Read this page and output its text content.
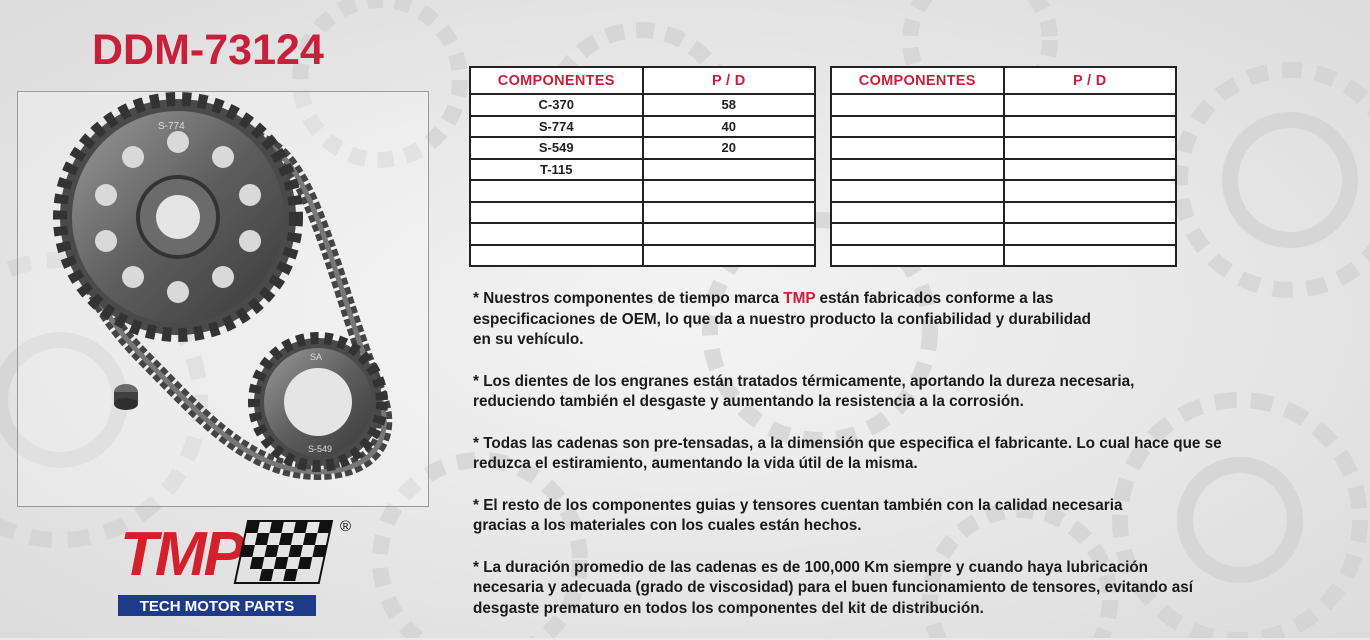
DDM-73124
S-774
SA
S-549
TMP	®
TECH MOTOR PARTS
COMPONENTES	P / D
C-370	58
S-774	40
S-549	20
T-115	

COMPONENTES	P / D

* Nuestros componentes de tiempo marca TMP están fabricados conforme a las
especificaciones de OEM, lo que da a nuestro producto la confiabilidad y durabilidad
en su vehículo.

* Los dientes de los engranes están tratados térmicamente, aportando la dureza necesaria,
reduciendo también el desgaste y aumentando la resistencia a la corrosión.

* Todas las cadenas son pre-tensadas, a la dimensión que especifica el fabricante. Lo cual hace que se
reduzca el estiramiento, aumentando la vida útil de la misma.

* El resto de los componentes guias y tensores cuentan también con la calidad necesaria
gracias a los materiales con los cuales están hechos.

* La duración promedio de las cadenas es de 100,000 Km siempre y cuando haya lubricación
necesaria y adecuada (grado de viscosidad) para el buen funcionamiento de tensores, evitando así
desgaste prematuro en todos los componentes del kit de distribución.
